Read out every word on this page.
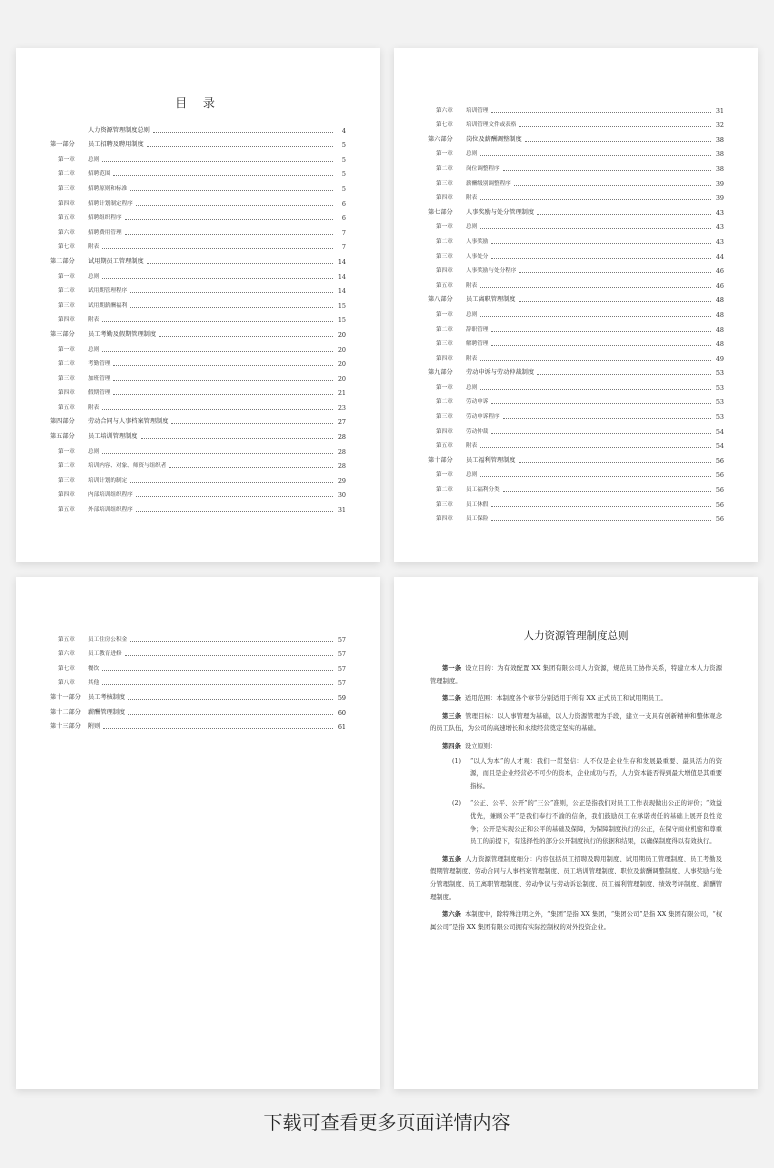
目 录
人力资源管理制度总则	4
第一部分	员工招聘及聘用制度	5
第一章	总则	5
第二章	招聘范围	5
第三章	招聘原则和标准	5
第四章	招聘计划制定程序	6
第五章	招聘组织程序	6
第六章	招聘费用管理	7
第七章	附表	7
第二部分	试用期员工管理制度	14
第一章	总则	14
第二章	试用期管理程序	14
第三章	试用期薪酬福利	15
第四章	附表	15
第三部分	员工考勤及假期管理制度	20
第一章	总则	20
第二章	考勤管理	20
第三章	加班管理	20
第四章	假期管理	21
第五章	附表	23
第四部分	劳动合同与人事档案管理制度	27
第五部分	员工培训管理制度	28
第一章	总则	28
第二章	培训内容、对象、师资与组织者	28
第三章	培训计划的制定	29
第四章	内部培训组织程序	30
第五章	外部培训组织程序	31
第六章	培训管理	31
第七章	培训管理文件或表格	32
第六部分	岗位及薪酬调整制度	38
第一章	总则	38
第二章	岗位调整程序	38
第三章	薪酬级别调整程序	39
第四章	附表	39
第七部分	人事奖励与处分管理制度	43
第一章	总则	43
第二章	人事奖励	43
第三章	人事处分	44
第四章	人事奖励与处分程序	46
第五章	附表	46
第八部分	员工离职管理制度	48
第一章	总则	48
第二章	辞职管理	48
第三章	解聘管理	48
第四章	附表	49
第九部分	劳动申诉与劳动仲裁制度	53
第一章	总则	53
第二章	劳动申诉	53
第三章	劳动申诉程序	53
第四章	劳动仲裁	54
第五章	附表	54
第十部分	员工福利管理制度	56
第一章	总则	56
第二章	员工福利分类	56
第三章	员工休假	56
第四章	员工保险	56
第五章	员工住房公积金	57
第六章	员工教育进修	57
第七章	餐饮	57
第八章	其他	57
第十一部分	员工考核制度	59
第十二部分	薪酬管理制度	60
第十三部分	附则	61
人力资源管理制度总则

第一条 设立目的：为有效配置 XX 集团有限公司人力资源，规范员工协作关系，特建立本人力资源管理制度。

第二条 适用范围：本制度各个章节分别适用于所有 XX 正式员工和试用期员工。

第三条 管理目标：以人事管理为基础，以人力资源管理为手段，建立一支具有创新精神和整体观念的员工队伍，为公司的高速增长和永续经营奠定坚实的基础。

第四条 设立原则：

(1) “以人为本”的人才观：我们一贯坚信：人不仅是企业生存和发展最重要、最具活力的资源，而且是企业经营必不可少的资本，企业成功与否，人力资本能否得到最大增值是其重要指标。

(2) “公正、公平、公开”的“三公”准则，公正是指我们对员工工作表现做出公正的评价；“效益优先，兼顾公平”是我们奉行不渝的信条，我们鼓励员工在承诺责任的基础上展开良性竞争；公开是实现公正和公平的基础及保障，为保障制度执行的公正，在保守商业机密和尊重员工的前提下，有选择性的部分公开制度执行的依据和结果，以确保制度得以有效执行。

第五条 人力资源管理制度细分：内容包括员工招聘及聘用制度、试用期员工管理制度、员工考勤及假期管理制度、劳动合同与人事档案管理制度、员工培训管理制度、职位及薪酬调整制度、人事奖励与处分管理制度、员工离职管理制度、劳动争议与劳动诉讼制度、员工福利管理制度、绩效考评制度、薪酬管理制度。

第六条 本制度中，除特殊注明之外，“集团”是指 XX 集团，“集团公司”是指 XX 集团有限公司，“权属公司”是指 XX 集团有限公司拥有实际控制权的对外投资企业。

下载可查看更多页面详情内容
